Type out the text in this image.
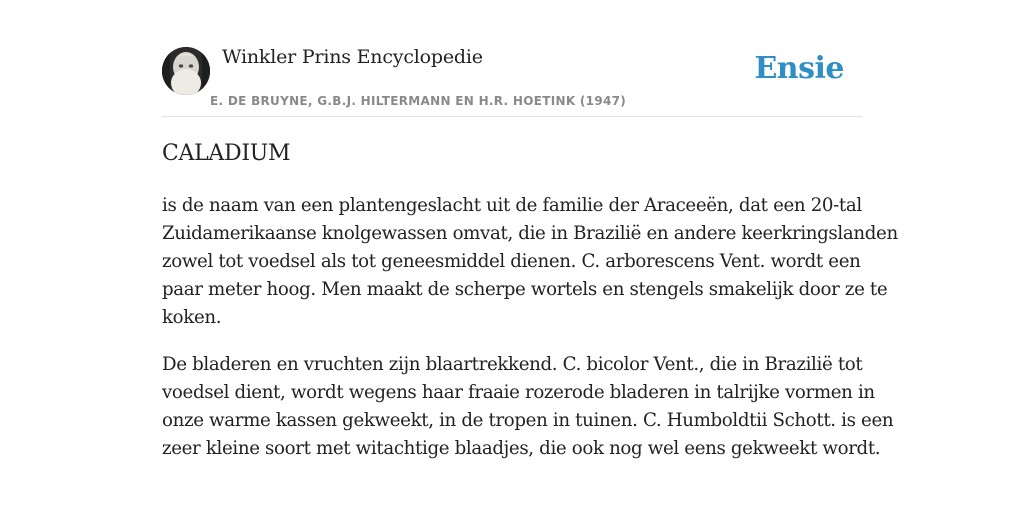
Winkler Prins Encyclopedie
E. DE BRUYNE, G.B.J. HILTERMANN EN H.R. HOETINK (1947)
Ensie
CALADIUM

is de naam van een plantengeslacht uit de familie der Araceeën, dat een 20-tal
Zuidamerikaanse knolgewassen omvat, die in Brazilië en andere keerkringslanden
zowel tot voedsel als tot geneesmiddel dienen. C. arborescens Vent. wordt een
paar meter hoog. Men maakt de scherpe wortels en stengels smakelijk door ze te
koken.

De bladeren en vruchten zijn blaartrekkend. C. bicolor Vent., die in Brazilië tot
voedsel dient, wordt wegens haar fraaie rozerode bladeren in talrijke vormen in
onze warme kassen gekweekt, in de tropen in tuinen. C. Humboldtii Schott. is een
zeer kleine soort met witachtige blaadjes, die ook nog wel eens gekweekt wordt.
